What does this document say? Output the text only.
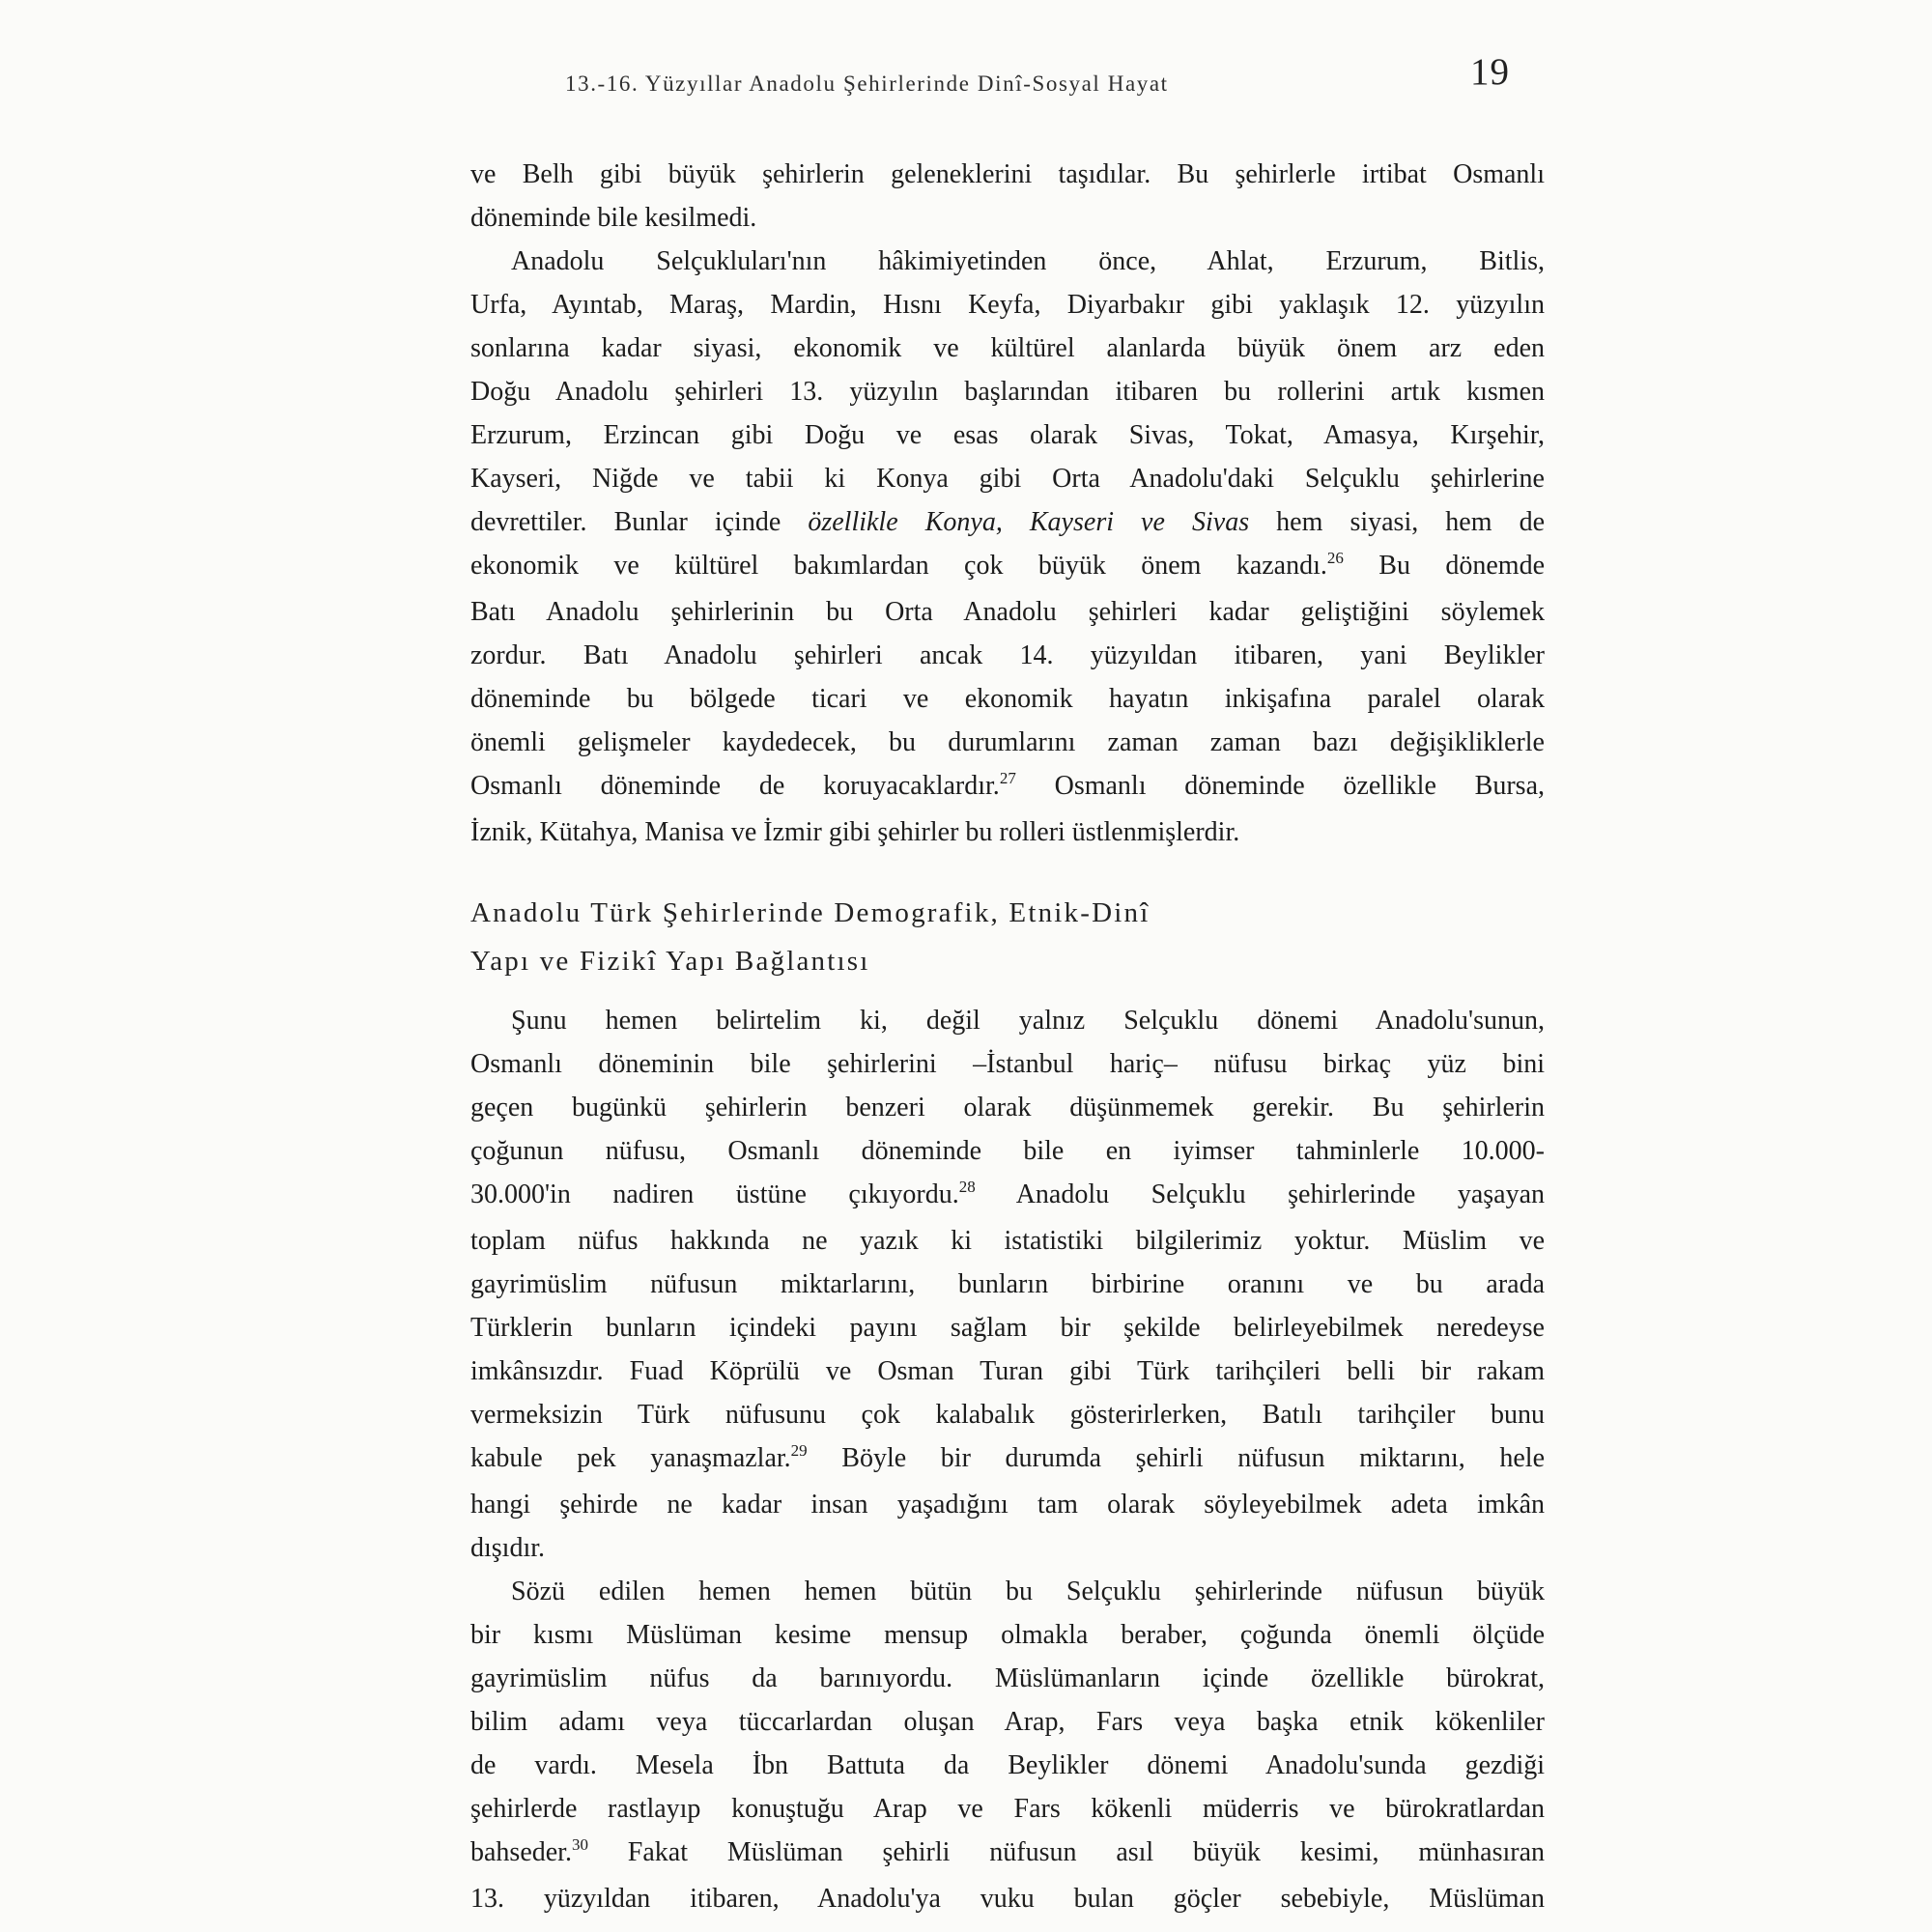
13.-16. Yüzyıllar Anadolu Şehirlerinde Dinî-Sosyal Hayat	19
ve Belh gibi büyük şehirlerin geleneklerini taşıdılar. Bu şehirlerle irtibat Osmanlı
döneminde bile kesilmedi.
Anadolu Selçukluları'nın hâkimiyetinden önce, Ahlat, Erzurum, Bitlis,
Urfa, Ayıntab, Maraş, Mardin, Hısnı Keyfa, Diyarbakır gibi yaklaşık 12. yüzyılın
sonlarına kadar siyasi, ekonomik ve kültürel alanlarda büyük önem arz eden
Doğu Anadolu şehirleri 13. yüzyılın başlarından itibaren bu rollerini artık kısmen
Erzurum, Erzincan gibi Doğu ve esas olarak Sivas, Tokat, Amasya, Kırşehir,
Kayseri, Niğde ve tabii ki Konya gibi Orta Anadolu'daki Selçuklu şehirlerine
devrettiler. Bunlar içinde özellikle Konya, Kayseri ve Sivas hem siyasi, hem de
ekonomik ve kültürel bakımlardan çok büyük önem kazandı.$^{26}$ Bu dönemde
Batı Anadolu şehirlerinin bu Orta Anadolu şehirleri kadar geliştiğini söylemek
zordur. Batı Anadolu şehirleri ancak 14. yüzyıldan itibaren, yani Beylikler
döneminde bu bölgede ticari ve ekonomik hayatın inkişafına paralel olarak
önemli gelişmeler kaydedecek, bu durumlarını zaman zaman bazı değişikliklerle
Osmanlı döneminde de koruyacaklardır.$^{27}$ Osmanlı döneminde özellikle Bursa,
İznik, Kütahya, Manisa ve İzmir gibi şehirler bu rolleri üstlenmişlerdir.
Anadolu Türk Şehirlerinde Demografik, Etnik-Dinî
Yapı ve Fizikî Yapı Bağlantısı
Şunu hemen belirtelim ki, değil yalnız Selçuklu dönemi Anadolu'sunun,
Osmanlı döneminin bile şehirlerini –İstanbul hariç– nüfusu birkaç yüz bini
geçen bugünkü şehirlerin benzeri olarak düşünmemek gerekir. Bu şehirlerin
çoğunun nüfusu, Osmanlı döneminde bile en iyimser tahminlerle 10.000-
30.000'in nadiren üstüne çıkıyordu.$^{28}$ Anadolu Selçuklu şehirlerinde yaşayan
toplam nüfus hakkında ne yazık ki istatistiki bilgilerimiz yoktur. Müslim ve
gayrimüslim nüfusun miktarlarını, bunların birbirine oranını ve bu arada
Türklerin bunların içindeki payını sağlam bir şekilde belirleyebilmek neredeyse
imkânsızdır. Fuad Köprülü ve Osman Turan gibi Türk tarihçileri belli bir rakam
vermeksizin Türk nüfusunu çok kalabalık gösterirlerken, Batılı tarihçiler bunu
kabule pek yanaşmazlar.$^{29}$ Böyle bir durumda şehirli nüfusun miktarını, hele
hangi şehirde ne kadar insan yaşadığını tam olarak söyleyebilmek adeta imkân
dışıdır.
Sözü edilen hemen hemen bütün bu Selçuklu şehirlerinde nüfusun büyük
bir kısmı Müslüman kesime mensup olmakla beraber, çoğunda önemli ölçüde
gayrimüslim nüfus da barınıyordu. Müslümanların içinde özellikle bürokrat,
bilim adamı veya tüccarlardan oluşan Arap, Fars veya başka etnik kökenliler
de vardı. Mesela İbn Battuta da Beylikler dönemi Anadolu'sunda gezdiği
şehirlerde rastlayıp konuştuğu Arap ve Fars kökenli müderris ve bürokratlardan
bahseder.$^{30}$ Fakat Müslüman şehirli nüfusun asıl büyük kesimi, münhasıran
13. yüzyıldan itibaren, Anadolu'ya vuku bulan göçler sebebiyle, Müslüman
